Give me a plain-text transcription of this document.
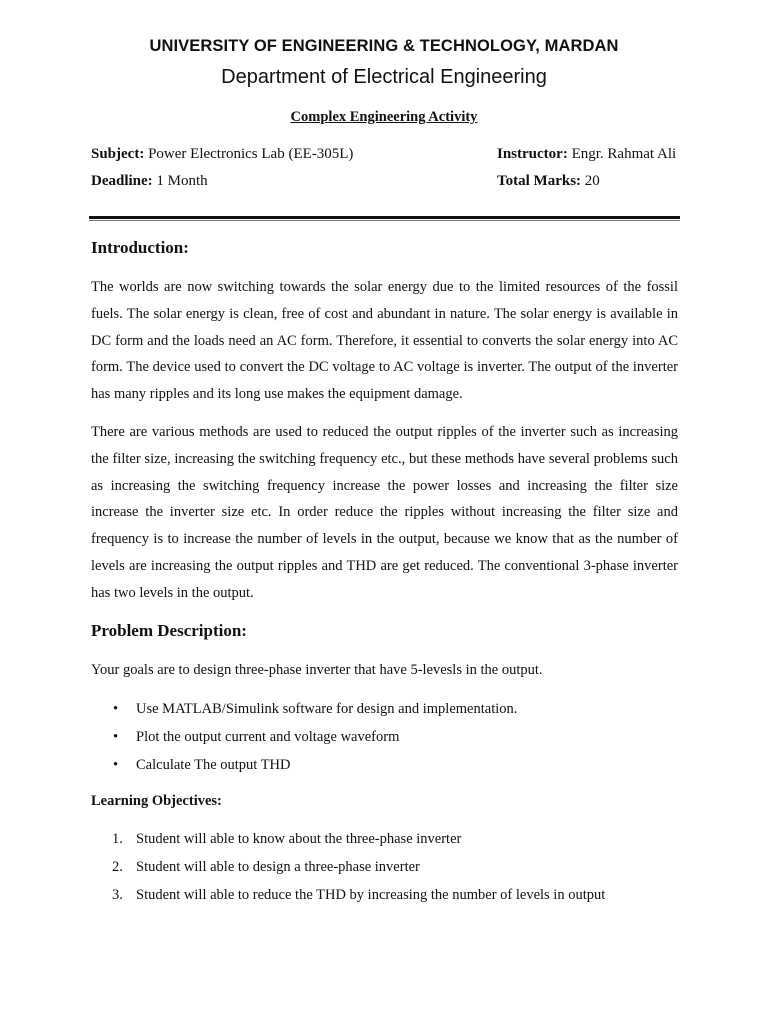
UNIVERSITY OF ENGINEERING & TECHNOLOGY, MARDAN
Department of Electrical Engineering
Complex Engineering Activity
Subject: Power Electronics Lab (EE-305L)	Instructor: Engr. Rahmat Ali
Deadline: 1 Month	Total Marks: 20
Introduction:

The worlds are now switching towards the solar energy due to the limited resources of the fossil fuels. The solar energy is clean, free of cost and abundant in nature. The solar energy is available in DC form and the loads need an AC form. Therefore, it essential to converts the solar energy into AC form. The device used to convert the DC voltage to AC voltage is inverter. The output of the inverter has many ripples and its long use makes the equipment damage.

There are various methods are used to reduced the output ripples of the inverter such as increasing the filter size, increasing the switching frequency etc., but these methods have several problems such as increasing the switching frequency increase the power losses and increasing the filter size increase the inverter size etc. In order reduce the ripples without increasing the filter size and frequency is to increase the number of levels in the output, because we know that as the number of levels are increasing the output ripples and THD are get reduced. The conventional 3-phase inverter has two levels in the output.

Problem Description:

Your goals are to design three-phase inverter that have 5-levesls in the output.

•	Use MATLAB/Simulink software for design and implementation.
•	Plot the output current and voltage waveform
•	Calculate The output THD
Learning Objectives:
1. Student will able to know about the three-phase inverter
2. Student will able to design a three-phase inverter
3. Student will able to reduce the THD by increasing the number of levels in output
